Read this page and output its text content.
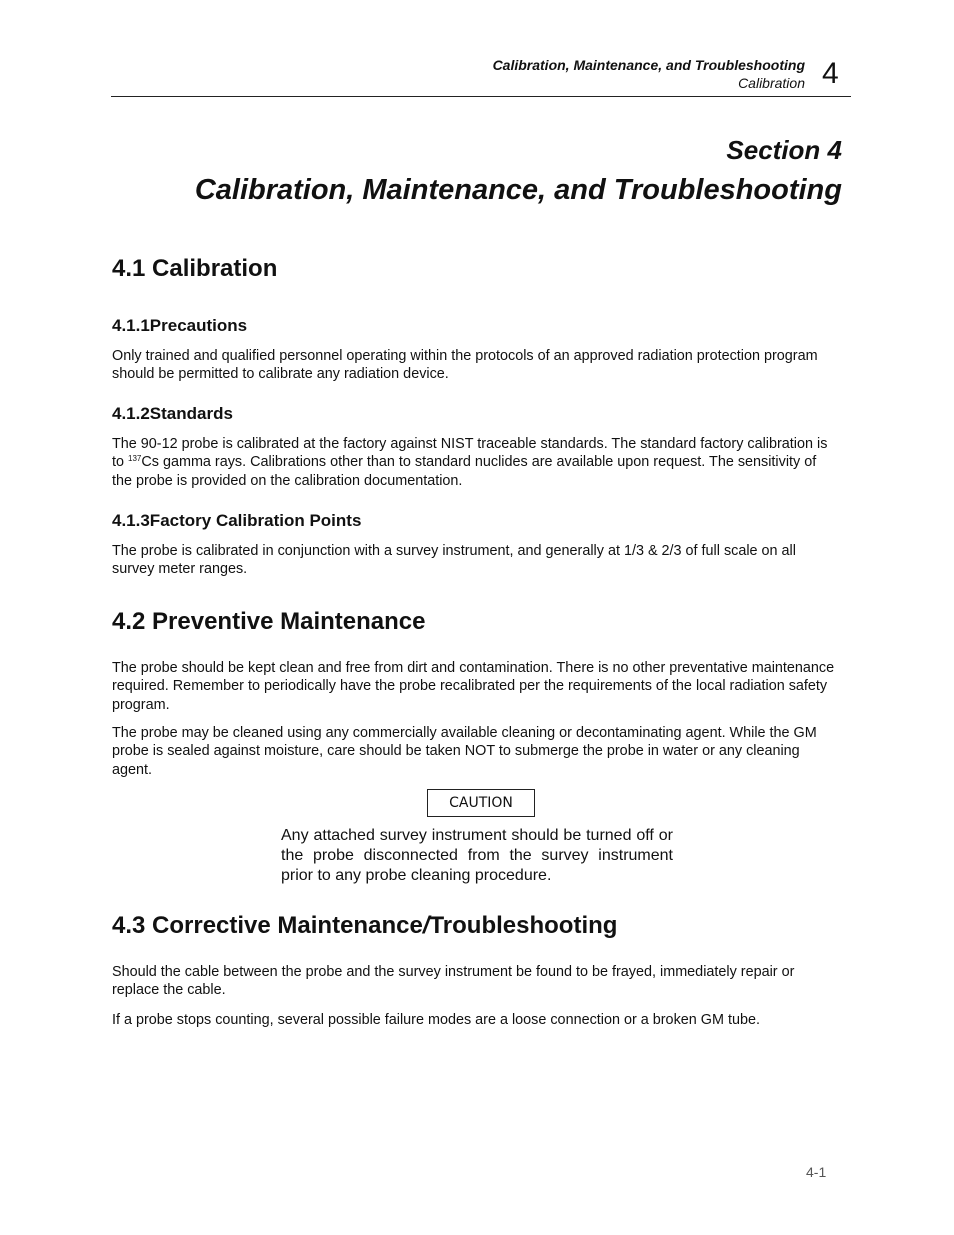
Calibration, Maintenance, and Troubleshooting
Calibration 4
Section 4
Calibration, Maintenance, and Troubleshooting
4.1 Calibration
4.1.1Precautions
Only trained and qualified personnel operating within the protocols of an approved radiation protection program should be permitted to calibrate any radiation device.
4.1.2Standards
The 90-12 probe is calibrated at the factory against NIST traceable standards. The standard factory calibration is to $^{137}$Cs gamma rays. Calibrations other than to standard nuclides are available upon request. The sensitivity of the probe is provided on the calibration documentation.
4.1.3Factory Calibration Points
The probe is calibrated in conjunction with a survey instrument, and generally at 1/3 & 2/3 of full scale on all survey meter ranges.
4.2 Preventive Maintenance
The probe should be kept clean and free from dirt and contamination. There is no other preventative maintenance required. Remember to periodically have the probe recalibrated per the requirements of the local radiation safety program.
The probe may be cleaned using any commercially available cleaning or decontaminating agent. While the GM probe is sealed against moisture, care should be taken NOT to submerge the probe in water or any cleaning agent.
CAUTION
Any attached survey instrument should be turned off or the probe disconnected from the survey instrument prior to any probe cleaning procedure.
4.3 Corrective Maintenance/Troubleshooting
Should the cable between the probe and the survey instrument be found to be frayed, immediately repair or replace the cable.
If a probe stops counting, several possible failure modes are a loose connection or a broken GM tube.
4-1
